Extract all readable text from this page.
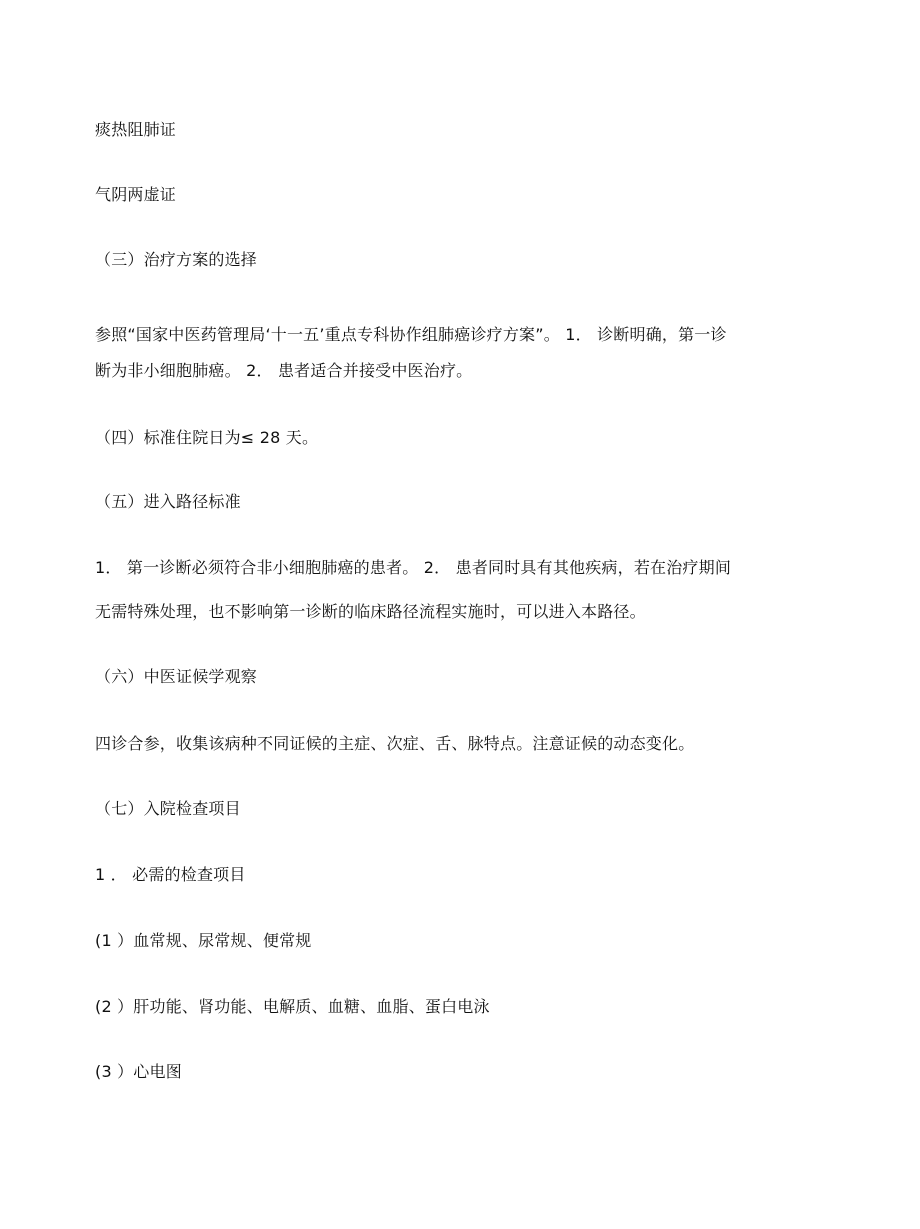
痰热阻肺证
气阴两虚证
（三）治疗方案的选择
参照“国家中医药管理局‘十一五’重点专科协作组肺癌诊疗方案”。 1． 诊断明确，第一诊
断为非小细胞肺癌。 2． 患者适合并接受中医治疗。
（四）标准住院日为≤ 28 天。
（五）进入路径标准
1． 第一诊断必须符合非小细胞肺癌的患者。 2． 患者同时具有其他疾病，若在治疗期间
无需特殊处理，也不影响第一诊断的临床路径流程实施时，可以进入本路径。
（六）中医证候学观察
四诊合参，收集该病种不同证候的主症、次症、舌、脉特点。注意证候的动态变化。
（七）入院检查项目
1 ． 必需的检查项目
(1 ）血常规、尿常规、便常规
(2 ）肝功能、肾功能、电解质、血糖、血脂、蛋白电泳
(3 ）心电图
